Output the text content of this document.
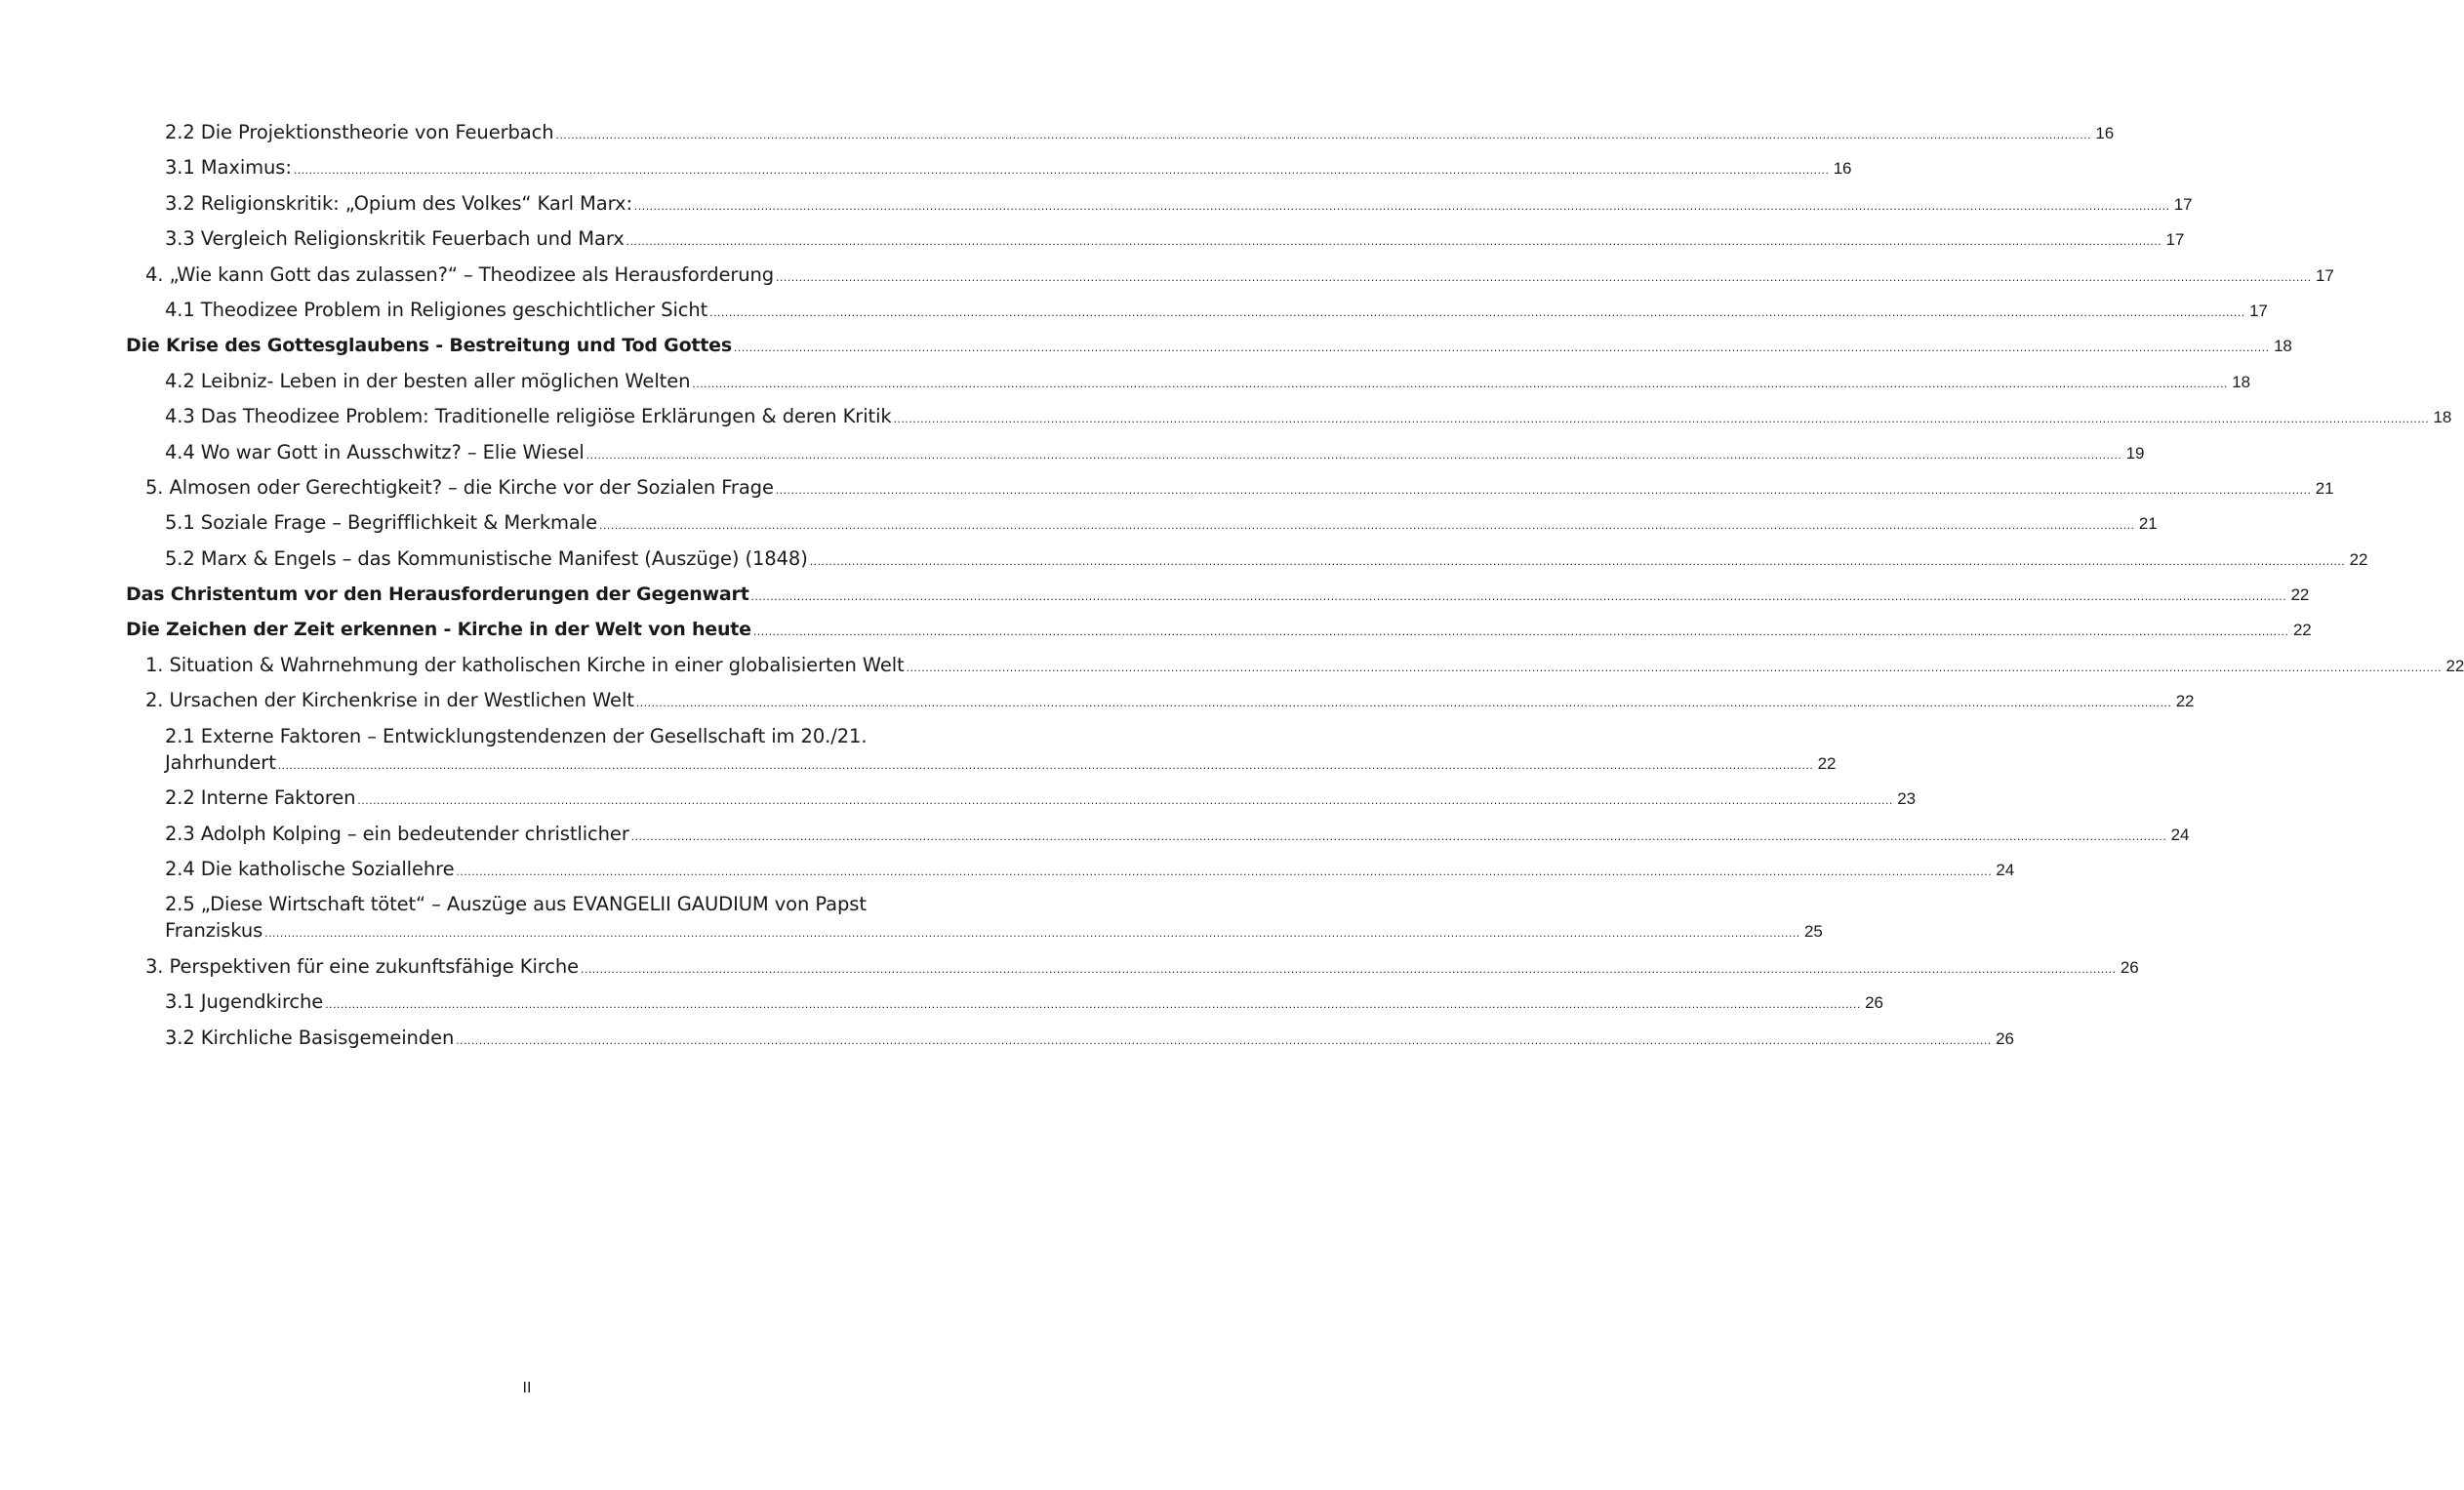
2.2 Die Projektionstheorie von Feuerbach ................................................................................................................................................................................................................................................................................................................................................................................................................ 16
3.1 Maximus: ................................................................................................................................................................................................................................................................................................................................................................................................................ 16
3.2 Religionskritik: „Opium des Volkes“ Karl Marx: ................................................................................................................................................................................................................................................................................................................................................................................................................ 17
3.3 Vergleich Religionskritik Feuerbach und Marx ................................................................................................................................................................................................................................................................................................................................................................................................................ 17
4. „Wie kann Gott das zulassen?“ – Theodizee als Herausforderung ................................................................................................................................................................................................................................................................................................................................................................................................................ 17
4.1 Theodizee Problem in Religiones geschichtlicher Sicht ................................................................................................................................................................................................................................................................................................................................................................................................................ 17
Die Krise des Gottesglaubens - Bestreitung und Tod Gottes ................................................................................................................................................................................................................................................................................................................................................................................................................ 18
4.2 Leibniz- Leben in der besten aller möglichen Welten ................................................................................................................................................................................................................................................................................................................................................................................................................ 18
4.3 Das Theodizee Problem: Traditionelle religiöse Erklärungen & deren Kritik ................................................................................................................................................................................................................................................................................................................................................................................................................ 18
4.4 Wo war Gott in Ausschwitz? – Elie Wiesel ................................................................................................................................................................................................................................................................................................................................................................................................................ 19
5. Almosen oder Gerechtigkeit? – die Kirche vor der Sozialen Frage ................................................................................................................................................................................................................................................................................................................................................................................................................ 21
5.1 Soziale Frage – Begrifflichkeit & Merkmale ................................................................................................................................................................................................................................................................................................................................................................................................................ 21
5.2 Marx & Engels – das Kommunistische Manifest (Auszüge) (1848) ................................................................................................................................................................................................................................................................................................................................................................................................................ 22
Das Christentum vor den Herausforderungen der Gegenwart ................................................................................................................................................................................................................................................................................................................................................................................................................ 22
Die Zeichen der Zeit erkennen - Kirche in der Welt von heute ................................................................................................................................................................................................................................................................................................................................................................................................................ 22
1. Situation & Wahrnehmung der katholischen Kirche in einer globalisierten Welt ................................................................................................................................................................................................................................................................................................................................................................................................................ 22
2. Ursachen der Kirchenkrise in der Westlichen Welt ................................................................................................................................................................................................................................................................................................................................................................................................................ 22
2.1 Externe Faktoren – Entwicklungstendenzen der Gesellschaft im 20./21.
Jahrhundert ................................................................................................................................................................................................................................................................................................................................................................................................................ 22
2.2 Interne Faktoren ................................................................................................................................................................................................................................................................................................................................................................................................................ 23
2.3 Adolph Kolping – ein bedeutender christlicher ................................................................................................................................................................................................................................................................................................................................................................................................................ 24
2.4 Die katholische Soziallehre ................................................................................................................................................................................................................................................................................................................................................................................................................ 24
2.5 „Diese Wirtschaft tötet“ – Auszüge aus EVANGELII GAUDIUM von Papst
Franziskus ................................................................................................................................................................................................................................................................................................................................................................................................................ 25
3. Perspektiven für eine zukunftsfähige Kirche ................................................................................................................................................................................................................................................................................................................................................................................................................ 26
3.1 Jugendkirche ................................................................................................................................................................................................................................................................................................................................................................................................................ 26
3.2 Kirchliche Basisgemeinden ................................................................................................................................................................................................................................................................................................................................................................................................................ 26
II
